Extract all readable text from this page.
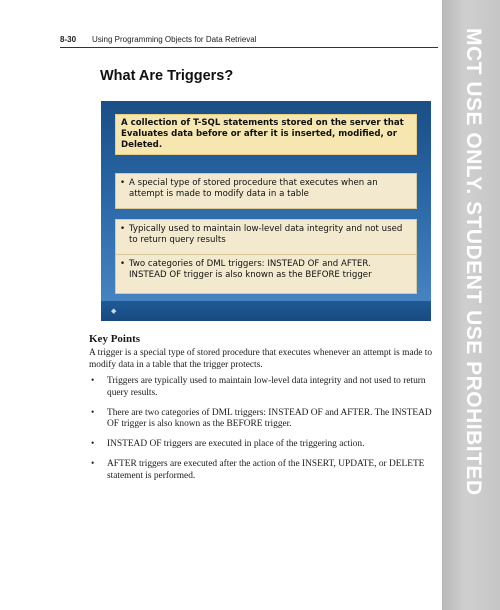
8-30 Using Programming Objects for Data Retrieval	MCT USE ONLY. STUDENT USE PROHIBITED
What Are Triggers?
A collection of T-SQL statements stored on the server that Evaluates data before or after it is inserted, modified, or Deleted.
• A special type of stored procedure that executes when an attempt is made to modify data in a table
• Typically used to maintain low-level data integrity and not used to return query results
• Two categories of DML triggers: INSTEAD OF and AFTER. INSTEAD OF trigger is also known as the BEFORE trigger
◆
Key Points
A trigger is a special type of stored procedure that executes whenever an attempt is made to modify data in a table that the trigger protects.
• Triggers are typically used to maintain low-level data integrity and not used to return query results.
• There are two categories of DML triggers: INSTEAD OF and AFTER. The INSTEAD OF trigger is also known as the BEFORE trigger.
• INSTEAD OF triggers are executed in place of the triggering action.
• AFTER triggers are executed after the action of the INSERT, UPDATE, or DELETE statement is performed.
